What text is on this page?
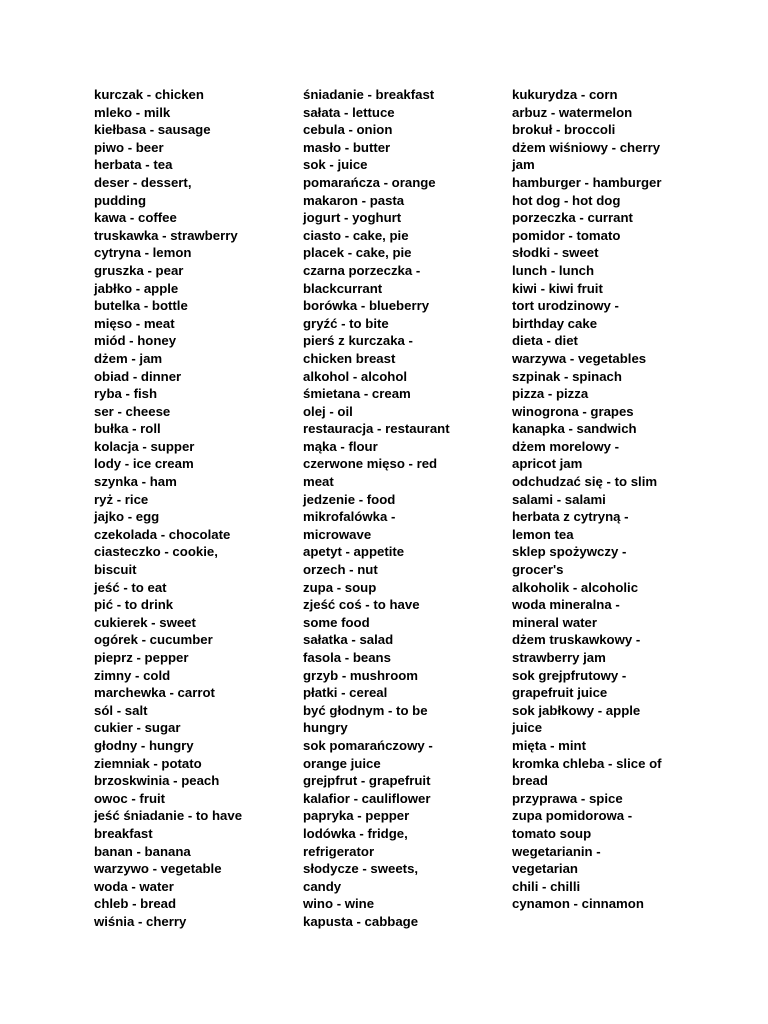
kurczak - chicken
mleko - milk
kiełbasa - sausage
piwo - beer
herbata - tea
deser - dessert,
pudding
kawa - coffee
truskawka - strawberry
cytryna - lemon
gruszka - pear
jabłko - apple
butelka - bottle
mięso - meat
miód - honey
dżem - jam
obiad - dinner
ryba - fish
ser - cheese
bułka - roll
kolacja - supper
lody - ice cream
szynka - ham
ryż - rice
jajko - egg
czekolada - chocolate
ciasteczko - cookie,
biscuit
jeść - to eat
pić - to drink
cukierek - sweet
ogórek - cucumber
pieprz - pepper
zimny - cold
marchewka - carrot
sól - salt
cukier - sugar
głodny - hungry
ziemniak - potato
brzoskwinia - peach
owoc - fruit
jeść śniadanie - to have
breakfast
banan - banana
warzywo - vegetable
woda - water
chleb - bread
wiśnia - cherry
śniadanie - breakfast
sałata - lettuce
cebula - onion
masło - butter
sok - juice
pomarańcza - orange
makaron - pasta
jogurt - yoghurt
ciasto - cake, pie
placek - cake, pie
czarna porzeczka -
blackcurrant
borówka - blueberry
gryźć - to bite
pierś z kurczaka -
chicken breast
alkohol - alcohol
śmietana - cream
olej - oil
restauracja - restaurant
mąka - flour
czerwone mięso - red
meat
jedzenie - food
mikrofalówka -
microwave
apetyt - appetite
orzech - nut
zupa - soup
zjeść coś - to have
some food
sałatka - salad
fasola - beans
grzyb - mushroom
płatki - cereal
być głodnym - to be
hungry
sok pomarańczowy -
orange juice
grejpfrut - grapefruit
kalafior - cauliflower
papryka - pepper
lodówka - fridge,
refrigerator
słodycze - sweets,
candy
wino - wine
kapusta - cabbage
kukurydza - corn
arbuz - watermelon
brokuł - broccoli
dżem wiśniowy - cherry
jam
hamburger - hamburger
hot dog - hot dog
porzeczka - currant
pomidor - tomato
słodki - sweet
lunch - lunch
kiwi - kiwi fruit
tort urodzinowy -
birthday cake
dieta - diet
warzywa - vegetables
szpinak - spinach
pizza - pizza
winogrona - grapes
kanapka - sandwich
dżem morelowy -
apricot jam
odchudzać się - to slim
salami - salami
herbata z cytryną -
lemon tea
sklep spożywczy -
grocer's
alkoholik - alcoholic
woda mineralna -
mineral water
dżem truskawkowy -
strawberry jam
sok grejpfrutowy -
grapefruit juice
sok jabłkowy - apple
juice
mięta - mint
kromka chleba - slice of
bread
przyprawa - spice
zupa pomidorowa -
tomato soup
wegetarianin -
vegetarian
chili - chilli
cynamon - cinnamon
